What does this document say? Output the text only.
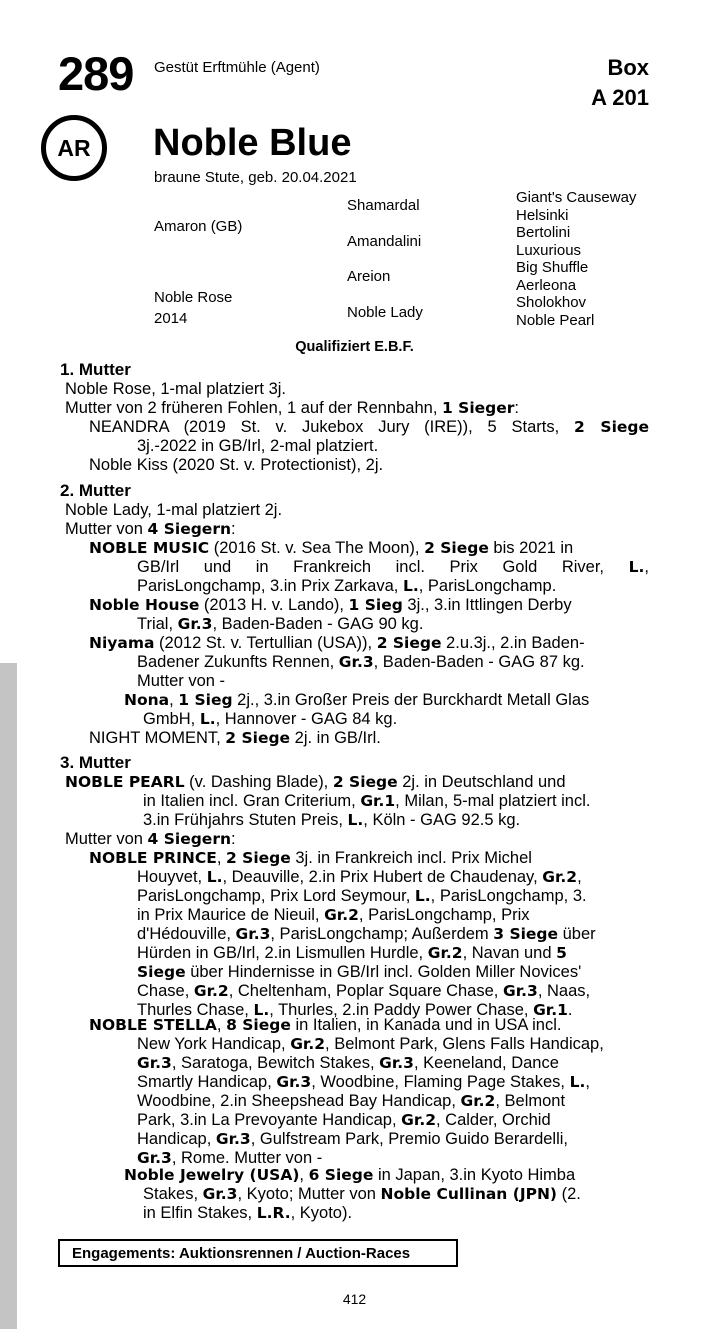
289 Gestüt Erftmühle (Agent)	Box
A 201
AR	Noble Blue
braune Stute, geb. 20.04.2021
Amaron (GB)
Noble Rose
2014
Shamardal
Amandalini
Areion
Noble Lady
Giant's Causeway
Helsinki
Bertolini
Luxurious
Big Shuffle
Aerleona
Sholokhov
Noble Pearl
Qualifiziert E.B.F.
1. Mutter
Noble Rose, 1-mal platziert 3j.
Mutter von 2 früheren Fohlen, 1 auf der Rennbahn, 1 Sieger:
NEANDRA (2019 St. v. Jukebox Jury (IRE)), 5 Starts, 2 Siege
3j.-2022 in GB/Irl, 2-mal platziert.
Noble Kiss (2020 St. v. Protectionist), 2j.
2. Mutter
Noble Lady, 1-mal platziert 2j.
Mutter von 4 Siegern:
NOBLE MUSIC (2016 St. v. Sea The Moon), 2 Siege bis 2021 in
GB/Irl und in Frankreich incl. Prix Gold River, L.,
ParisLongchamp, 3.in Prix Zarkava, L., ParisLongchamp.
Noble House (2013 H. v. Lando), 1 Sieg 3j., 3.in Ittlingen Derby
Trial, Gr.3, Baden-Baden - GAG 90 kg.
Niyama (2012 St. v. Tertullian (USA)), 2 Siege 2.u.3j., 2.in Baden-
Badener Zukunfts Rennen, Gr.3, Baden-Baden - GAG 87 kg.
Mutter von -
Nona, 1 Sieg 2j., 3.in Großer Preis der Burckhardt Metall Glas
GmbH, L., Hannover - GAG 84 kg.
NIGHT MOMENT, 2 Siege 2j. in GB/Irl.
3. Mutter
NOBLE PEARL (v. Dashing Blade), 2 Siege 2j. in Deutschland und
in Italien incl. Gran Criterium, Gr.1, Milan, 5-mal platziert incl.
3.in Frühjahrs Stuten Preis, L., Köln - GAG 92.5 kg.
Mutter von 4 Siegern:
NOBLE PRINCE, 2 Siege 3j. in Frankreich incl. Prix Michel
Houyvet, L., Deauville, 2.in Prix Hubert de Chaudenay, Gr.2,
ParisLongchamp, Prix Lord Seymour, L., ParisLongchamp, 3.
in Prix Maurice de Nieuil, Gr.2, ParisLongchamp, Prix
d'Hédouville, Gr.3, ParisLongchamp; Außerdem 3 Siege über
Hürden in GB/Irl, 2.in Lismullen Hurdle, Gr.2, Navan und 5
Siege über Hindernisse in GB/Irl incl. Golden Miller Novices'
Chase, Gr.2, Cheltenham, Poplar Square Chase, Gr.3, Naas,
Thurles Chase, L., Thurles, 2.in Paddy Power Chase, Gr.1.
NOBLE STELLA, 8 Siege in Italien, in Kanada und in USA incl.
New York Handicap, Gr.2, Belmont Park, Glens Falls Handicap,
Gr.3, Saratoga, Bewitch Stakes, Gr.3, Keeneland, Dance
Smartly Handicap, Gr.3, Woodbine, Flaming Page Stakes, L.,
Woodbine, 2.in Sheepshead Bay Handicap, Gr.2, Belmont
Park, 3.in La Prevoyante Handicap, Gr.2, Calder, Orchid
Handicap, Gr.3, Gulfstream Park, Premio Guido Berardelli,
Gr.3, Rome. Mutter von -
Noble Jewelry (USA), 6 Siege in Japan, 3.in Kyoto Himba
Stakes, Gr.3, Kyoto; Mutter von Noble Cullinan (JPN) (2.
in Elfin Stakes, L.R., Kyoto).
Engagements: Auktionsrennen / Auction-Races
412
